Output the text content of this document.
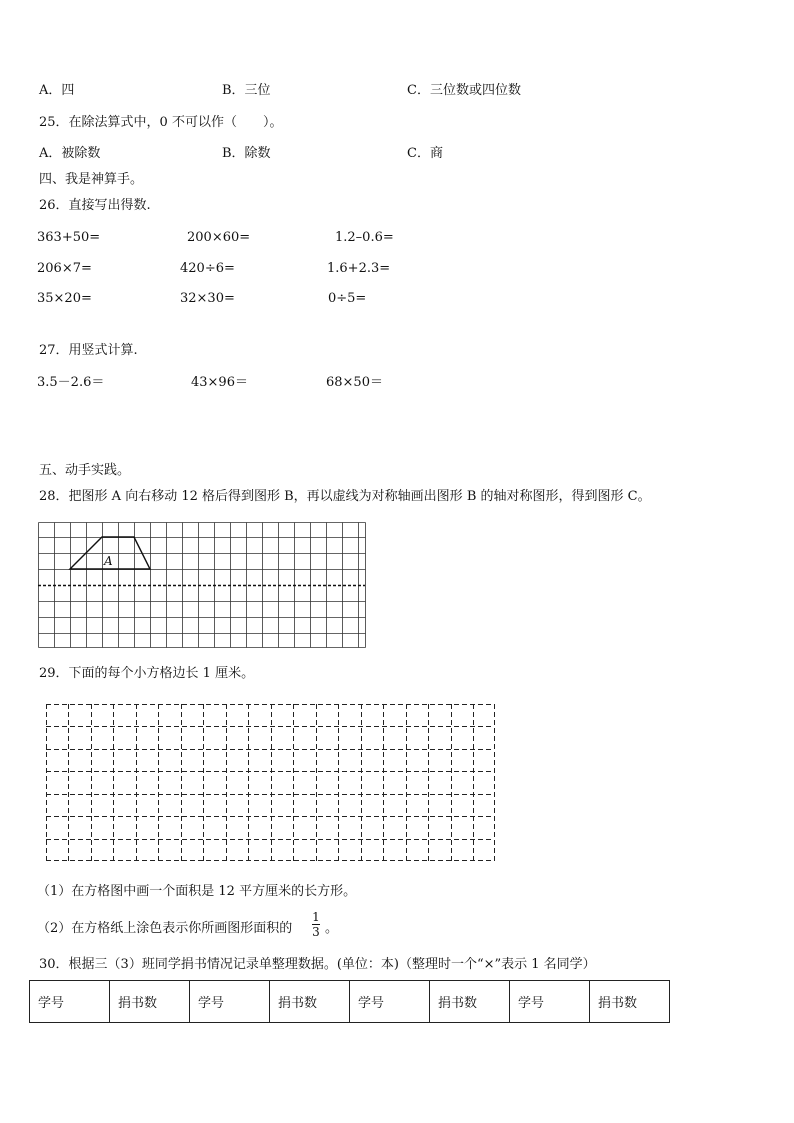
A．四	B．三位	C．三位数或四位数
25．在除法算式中，0 不可以作（　　）。
A．被除数	B．除数	C．商
四、我是神算手。
26．直接写出得数.
363+50=	200×60=	1.2–0.6=
206×7=	420÷6=	1.6+2.3=
35×20=	32×30=	0÷5=
27．用竖式计算.
3.5－2.6＝	43×96＝	68×50＝
五、动手实践。
28．把图形 A 向右移动 12 格后得到图形 B，再以虚线为对称轴画出图形 B 的轴对称图形，得到图形 C。
A
29．下面的每个小方格边长 1 厘米。
（1）在方格图中画一个面积是 12 平方厘米的长方形。
（2）在方格纸上涂色表示你所画图形面积的
1
3 。
30．根据三（3）班同学捐书情况记录单整理数据。(单位：本)（整理时一个“×”表示 1 名同学）
学号	捐书数	学号	捐书数	学号	捐书数	学号	捐书数
